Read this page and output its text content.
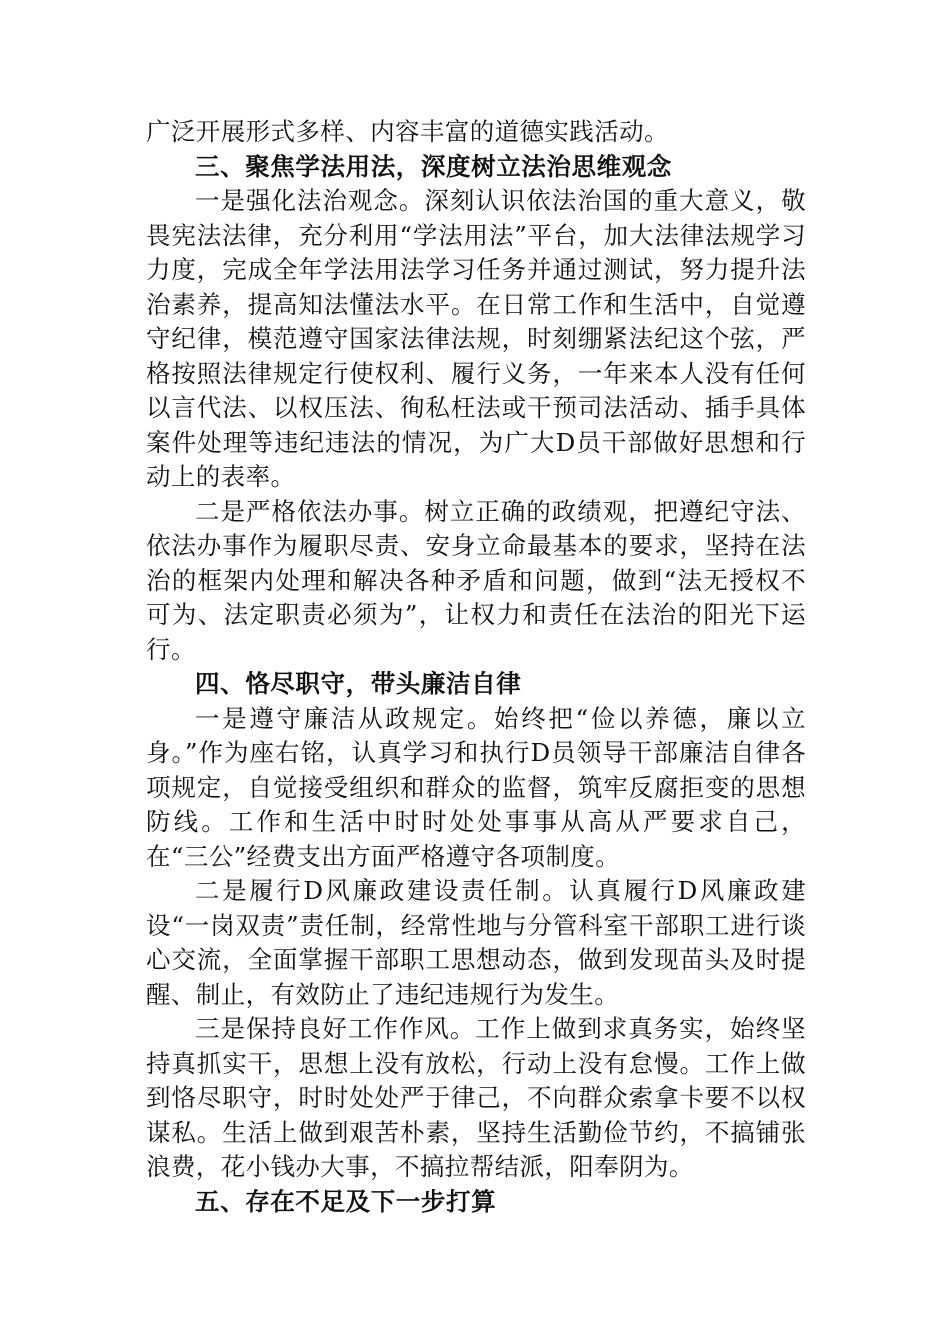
广泛开展形式多样、内容丰富的道德实践活动。

三、聚焦学法用法，深度树立法治思维观念

一是强化法治观念。深刻认识依法治国的重大意义，敬畏宪法法律，充分利用“学法用法”平台，加大法律法规学习力度，完成全年学法用法学习任务并通过测试，努力提升法治素养，提高知法懂法水平。在日常工作和生活中，自觉遵守纪律，模范遵守国家法律法规，时刻绷紧法纪这个弦，严格按照法律规定行使权利、履行义务，一年来本人没有任何以言代法、以权压法、徇私枉法或干预司法活动、插手具体案件处理等违纪违法的情况，为广大D员干部做好思想和行动上的表率。

二是严格依法办事。树立正确的政绩观，把遵纪守法、依法办事作为履职尽责、安身立命最基本的要求，坚持在法治的框架内处理和解决各种矛盾和问题，做到“法无授权不可为、法定职责必须为”，让权力和责任在法治的阳光下运行。

四、恪尽职守，带头廉洁自律

一是遵守廉洁从政规定。始终把“俭以养德，廉以立身。”作为座右铭，认真学习和执行D员领导干部廉洁自律各项规定，自觉接受组织和群众的监督，筑牢反腐拒变的思想防线。工作和生活中时时处处事事从高从严要求自己，在“三公”经费支出方面严格遵守各项制度。

二是履行D风廉政建设责任制。认真履行D风廉政建设“一岗双责”责任制，经常性地与分管科室干部职工进行谈心交流，全面掌握干部职工思想动态，做到发现苗头及时提醒、制止，有效防止了违纪违规行为发生。

三是保持良好工作作风。工作上做到求真务实，始终坚持真抓实干，思想上没有放松，行动上没有怠慢。工作上做到恪尽职守，时时处处严于律己，不向群众索拿卡要不以权谋私。生活上做到艰苦朴素，坚持生活勤俭节约，不搞铺张浪费，花小钱办大事，不搞拉帮结派，阳奉阴为。

五、存在不足及下一步打算
